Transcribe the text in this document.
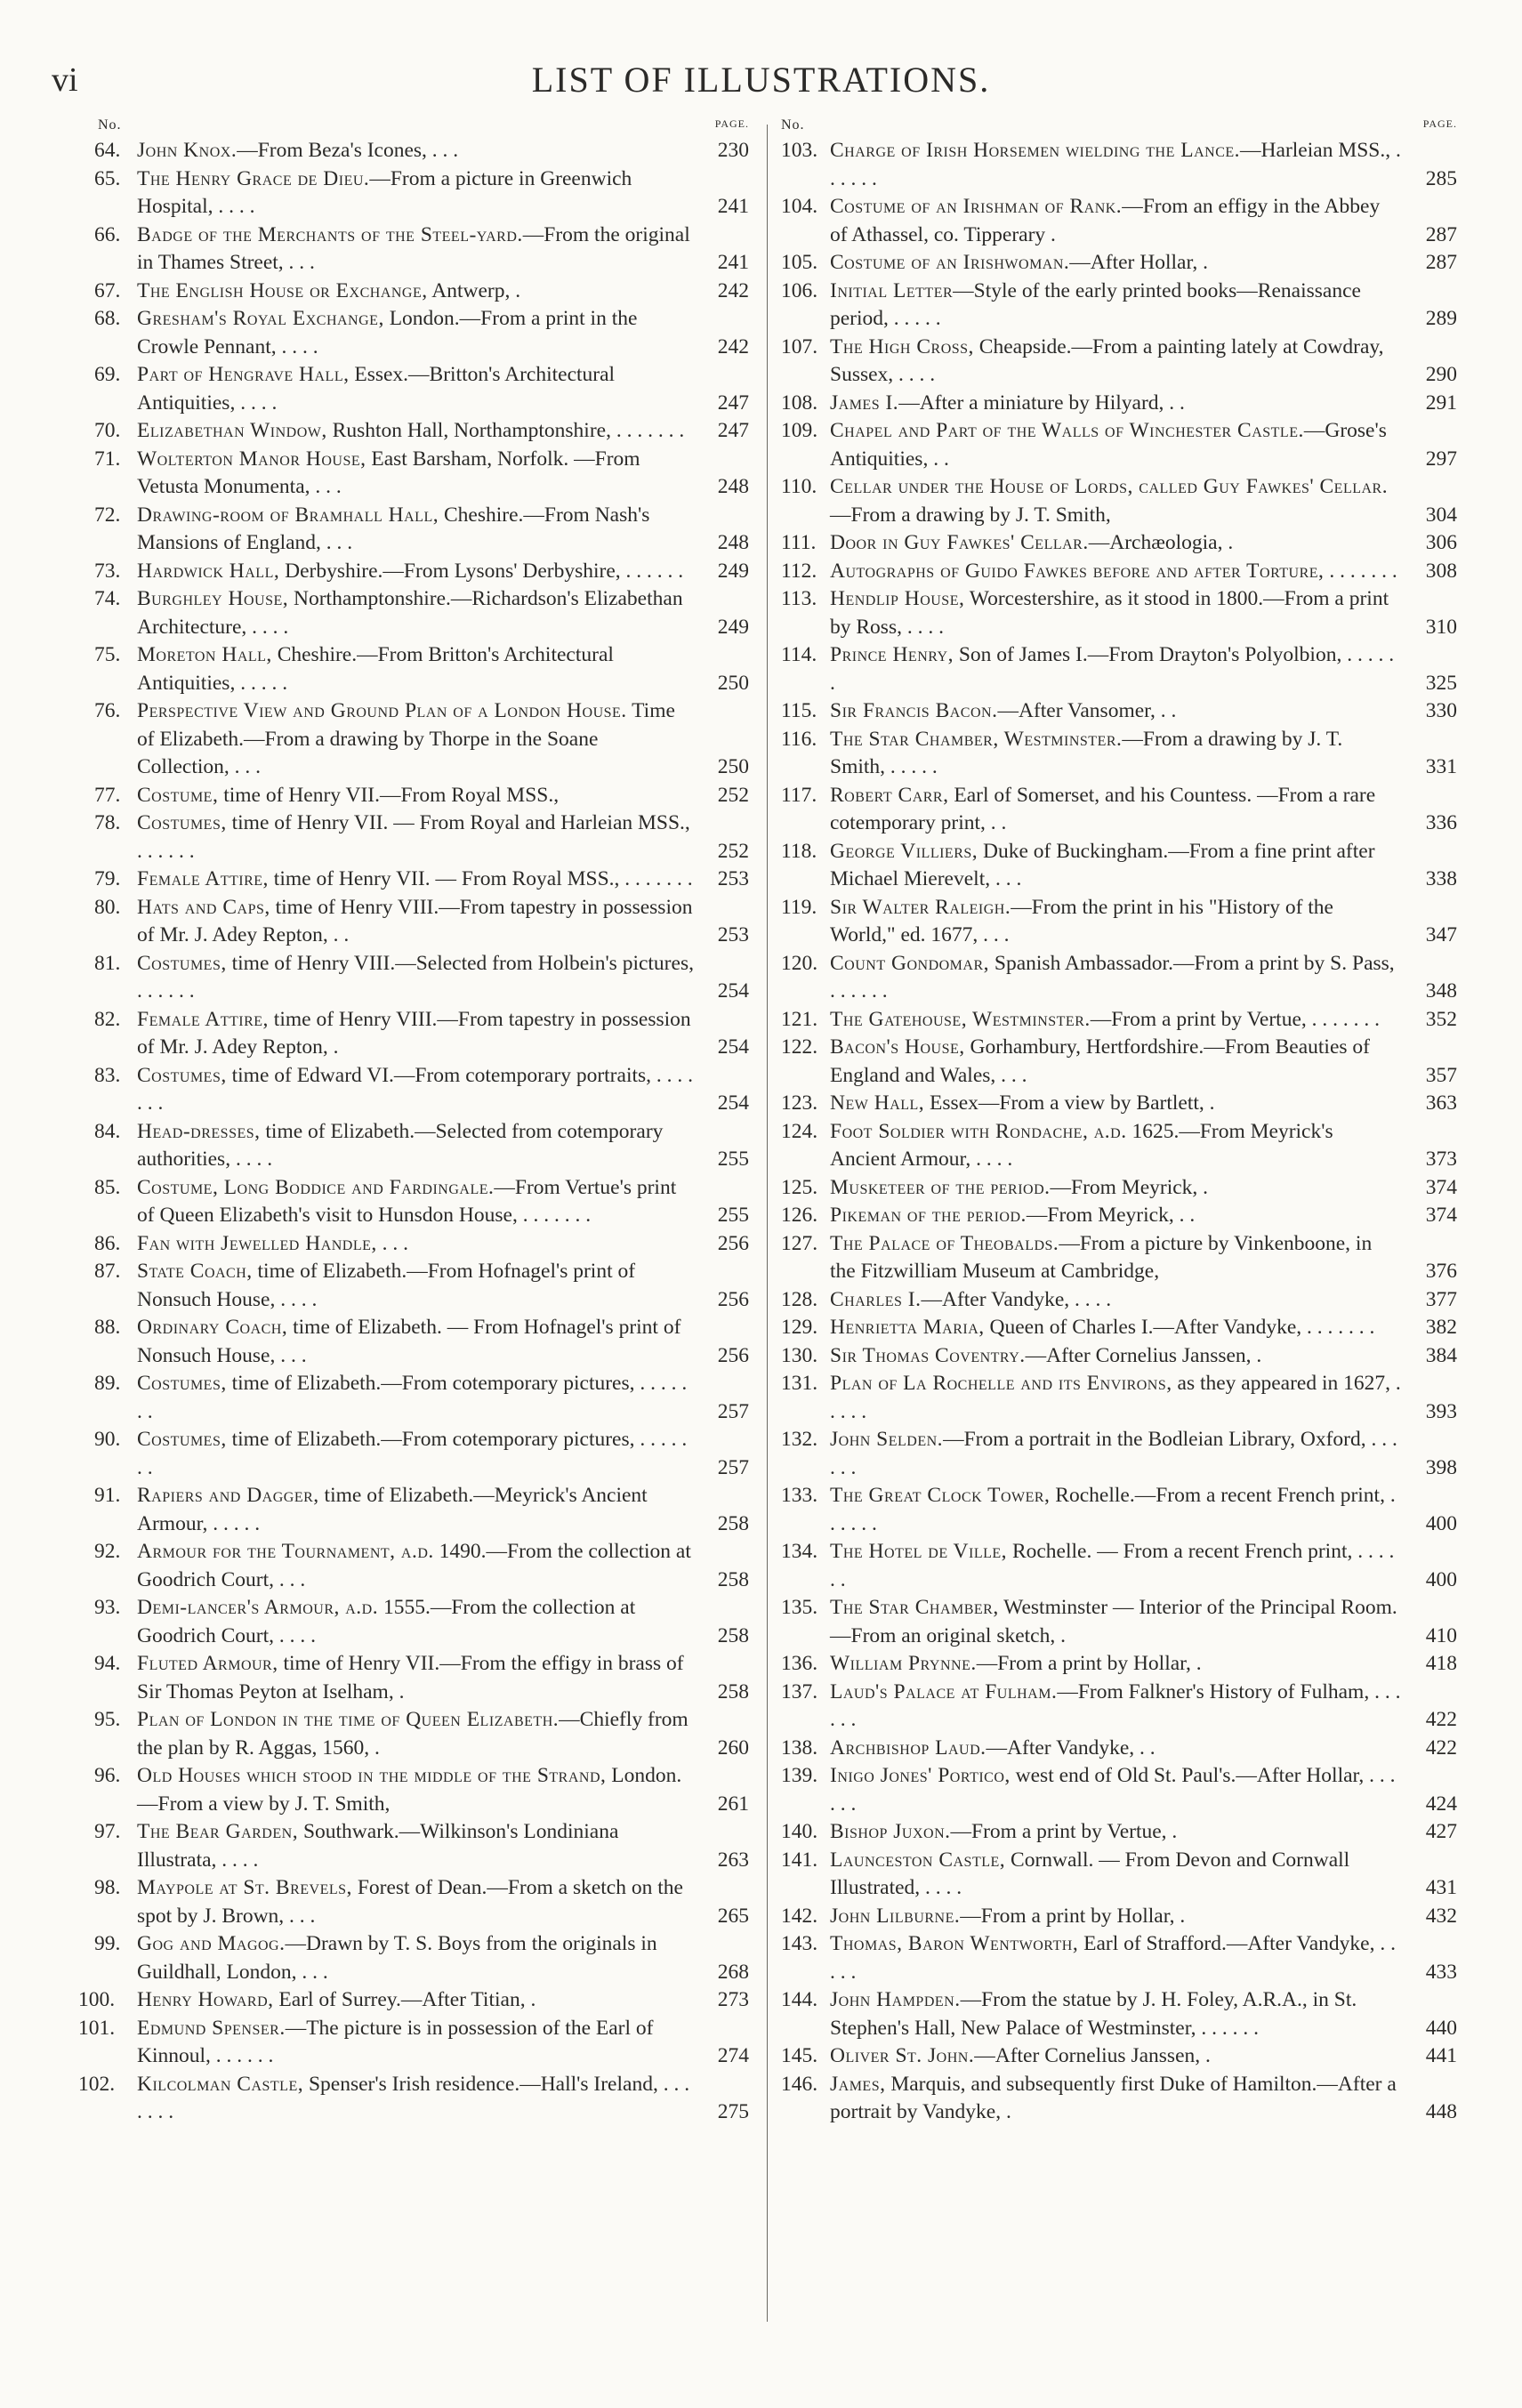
vi	LIST OF ILLUSTRATIONS.
No.	PAGE.
64. John Knox.—From Beza's Icones, . . .	230
65. The Henry Grace de Dieu.—From a picture in Greenwich Hospital, . . . .	241
66. Badge of the Merchants of the Steel-yard.—From the original in Thames Street, . . .	241
67. The English House or Exchange, Antwerp, .	242
68. Gresham's Royal Exchange, London.—From a print in the Crowle Pennant, . . . .	242
69. Part of Hengrave Hall, Essex.—Britton's Architectural Antiquities, . . . .	247
70. Elizabethan Window, Rushton Hall, Northamptonshire, . . . . . . .	247
71. Wolterton Manor House, East Barsham, Norfolk. —From Vetusta Monumenta, . . .	248
72. Drawing-room of Bramhall Hall, Cheshire.—From Nash's Mansions of England, . . .	248
73. Hardwick Hall, Derbyshire.—From Lysons' Derbyshire, . . . . . .	249
74. Burghley House, Northamptonshire.—Richardson's Elizabethan Architecture, . . . .	249
75. Moreton Hall, Cheshire.—From Britton's Architectural Antiquities, . . . . .	250
76. Perspective View and Ground Plan of a London House. Time of Elizabeth.—From a drawing by Thorpe in the Soane Collection, . . .	250
77. Costume, time of Henry VII.—From Royal MSS.,	252
78. Costumes, time of Henry VII. — From Royal and Harleian MSS., . . . . . .	252
79. Female Attire, time of Henry VII. — From Royal MSS., . . . . . . .	253
80. Hats and Caps, time of Henry VIII.—From tapestry in possession of Mr. J. Adey Repton, . .	253
81. Costumes, time of Henry VIII.—Selected from Holbein's pictures, . . . . . .	254
82. Female Attire, time of Henry VIII.—From tapestry in possession of Mr. J. Adey Repton, .	254
83. Costumes, time of Edward VI.—From cotemporary portraits, . . . . . . .	254
84. Head-dresses, time of Elizabeth.—Selected from cotemporary authorities, . . . .	255
85. Costume, Long Boddice and Fardingale.—From Vertue's print of Queen Elizabeth's visit to Hunsdon House, . . . . . . .	255
86. Fan with Jewelled Handle, . . .	256
87. State Coach, time of Elizabeth.—From Hofnagel's print of Nonsuch House, . . . .	256
88. Ordinary Coach, time of Elizabeth. — From Hofnagel's print of Nonsuch House, . . .	256
89. Costumes, time of Elizabeth.—From cotemporary pictures, . . . . . . .	257
90. Costumes, time of Elizabeth.—From cotemporary pictures, . . . . . . .	257
91. Rapiers and Dagger, time of Elizabeth.—Meyrick's Ancient Armour, . . . . .	258
92. Armour for the Tournament, a.d. 1490.—From the collection at Goodrich Court, . . .	258
93. Demi-lancer's Armour, a.d. 1555.—From the collection at Goodrich Court, . . . .	258
94. Fluted Armour, time of Henry VII.—From the effigy in brass of Sir Thomas Peyton at Iselham, .	258
95. Plan of London in the time of Queen Elizabeth.—Chiefly from the plan by R. Aggas, 1560, .	260
96. Old Houses which stood in the middle of the Strand, London.—From a view by J. T. Smith,	261
97. The Bear Garden, Southwark.—Wilkinson's Londiniana Illustrata, . . . .	263
98. Maypole at St. Brevels, Forest of Dean.—From a sketch on the spot by J. Brown, . . .	265
99. Gog and Magog.—Drawn by T. S. Boys from the originals in Guildhall, London, . . .	268
100. Henry Howard, Earl of Surrey.—After Titian, .	273
101. Edmund Spenser.—The picture is in possession of the Earl of Kinnoul, . . . . . .	274
102. Kilcolman Castle, Spenser's Irish residence.—Hall's Ireland, . . . . . . .	275
No.	PAGE.
103. Charge of Irish Horsemen wielding the Lance.—Harleian MSS., . . . . . .	285
104. Costume of an Irishman of Rank.—From an effigy in the Abbey of Athassel, co. Tipperary .	287
105. Costume of an Irishwoman.—After Hollar, .	287
106. Initial Letter—Style of the early printed books—Renaissance period, . . . . .	289
107. The High Cross, Cheapside.—From a painting lately at Cowdray, Sussex, . . . .	290
108. James I.—After a miniature by Hilyard, . .	291
109. Chapel and Part of the Walls of Winchester Castle.—Grose's Antiquities, . .	297
110. Cellar under the House of Lords, called Guy Fawkes' Cellar.—From a drawing by J. T. Smith,	304
111. Door in Guy Fawkes' Cellar.—Archæologia, .	306
112. Autographs of Guido Fawkes before and after Torture, . . . . . . .	308
113. Hendlip House, Worcestershire, as it stood in 1800.—From a print by Ross, . . . .	310
114. Prince Henry, Son of James I.—From Drayton's Polyolbion, . . . . . .	325
115. Sir Francis Bacon.—After Vansomer, . .	330
116. The Star Chamber, Westminster.—From a drawing by J. T. Smith, . . . . .	331
117. Robert Carr, Earl of Somerset, and his Countess. —From a rare cotemporary print, . .	336
118. George Villiers, Duke of Buckingham.—From a fine print after Michael Mierevelt, . . .	338
119. Sir Walter Raleigh.—From the print in his "History of the World," ed. 1677, . . .	347
120. Count Gondomar, Spanish Ambassador.—From a print by S. Pass, . . . . . .	348
121. The Gatehouse, Westminster.—From a print by Vertue, . . . . . . .	352
122. Bacon's House, Gorhambury, Hertfordshire.—From Beauties of England and Wales, . . .	357
123. New Hall, Essex—From a view by Bartlett, .	363
124. Foot Soldier with Rondache, a.d. 1625.—From Meyrick's Ancient Armour, . . . .	373
125. Musketeer of the period.—From Meyrick, .	374
126. Pikeman of the period.—From Meyrick, . .	374
127. The Palace of Theobalds.—From a picture by Vinkenboone, in the Fitzwilliam Museum at Cambridge,	376
128. Charles I.—After Vandyke, . . . .	377
129. Henrietta Maria, Queen of Charles I.—After Vandyke, . . . . . . .	382
130. Sir Thomas Coventry.—After Cornelius Janssen, .	384
131. Plan of La Rochelle and its Environs, as they appeared in 1627, . . . . .	393
132. John Selden.—From a portrait in the Bodleian Library, Oxford, . . . . . .	398
133. The Great Clock Tower, Rochelle.—From a recent French print, . . . . . .	400
134. The Hotel de Ville, Rochelle. — From a recent French print, . . . . . .	400
135. The Star Chamber, Westminster — Interior of the Principal Room.—From an original sketch, .	410
136. William Prynne.—From a print by Hollar, .	418
137. Laud's Palace at Fulham.—From Falkner's History of Fulham, . . . . . .	422
138. Archbishop Laud.—After Vandyke, . .	422
139. Inigo Jones' Portico, west end of Old St. Paul's.—After Hollar, . . . . . .	424
140. Bishop Juxon.—From a print by Vertue, .	427
141. Launceston Castle, Cornwall. — From Devon and Cornwall Illustrated, . . . .	431
142. John Lilburne.—From a print by Hollar, .	432
143. Thomas, Baron Wentworth, Earl of Strafford.—After Vandyke, . . . . .	433
144. John Hampden.—From the statue by J. H. Foley, A.R.A., in St. Stephen's Hall, New Palace of Westminster, . . . . . .	440
145. Oliver St. John.—After Cornelius Janssen, .	441
146. James, Marquis, and subsequently first Duke of Hamilton.—After a portrait by Vandyke, .	448
